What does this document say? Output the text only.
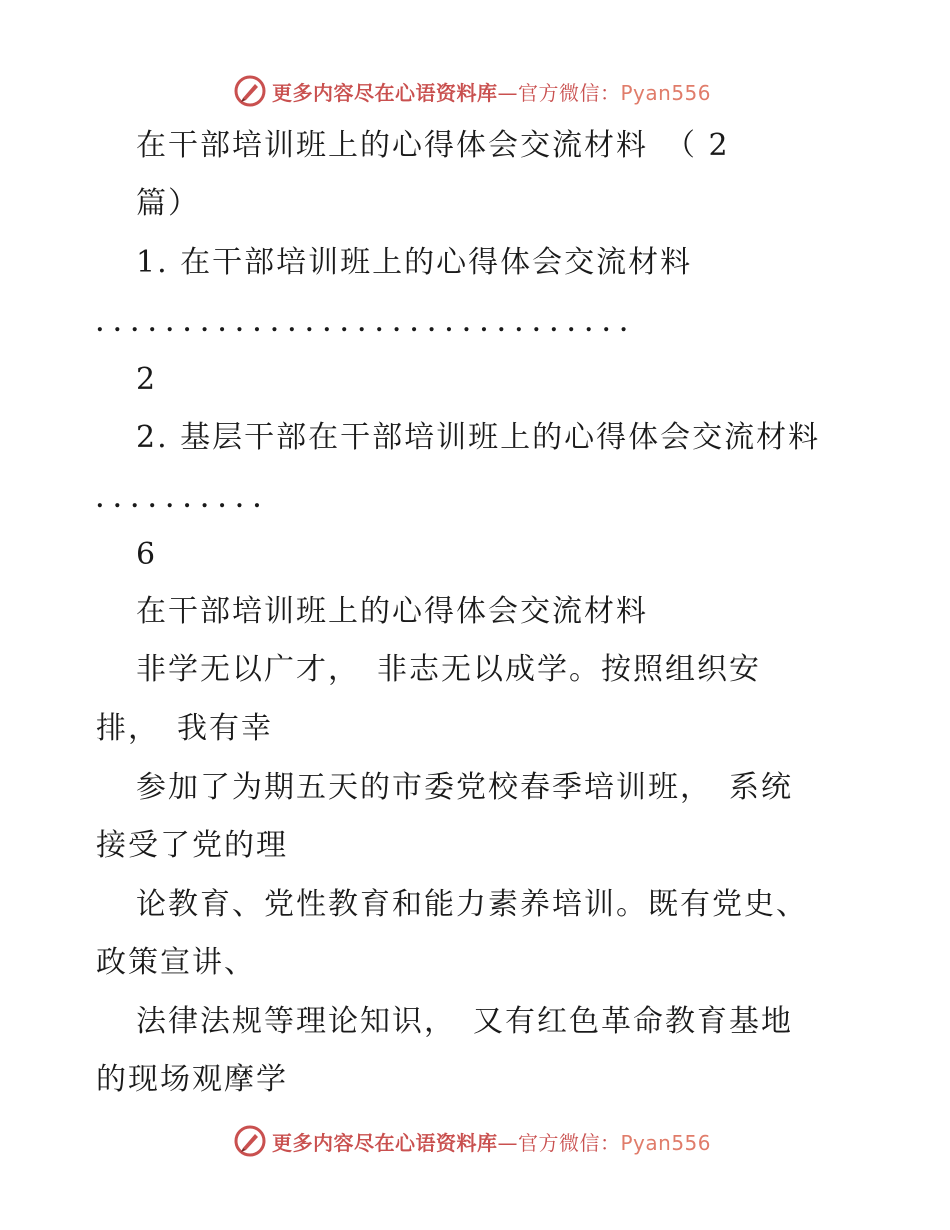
更多内容尽在心语资料库—官方微信：Pyan556
在干部培训班上的心得体会交流材料　（ 2
篇）
1. 在干部培训班上的心得体会交流材料
...............................
2
2. 基层干部在干部培训班上的心得体会交流材料
..........
6
在干部培训班上的心得体会交流材料
非学无以广才，　非志无以成学。按照组织安
排，　我有幸
参加了为期五天的市委党校春季培训班，　系统
接受了党的理
论教育、党性教育和能力素养培训。既有党史、
政策宣讲、
法律法规等理论知识，　又有红色革命教育基地
的现场观摩学
更多内容尽在心语资料库—官方微信：Pyan556
